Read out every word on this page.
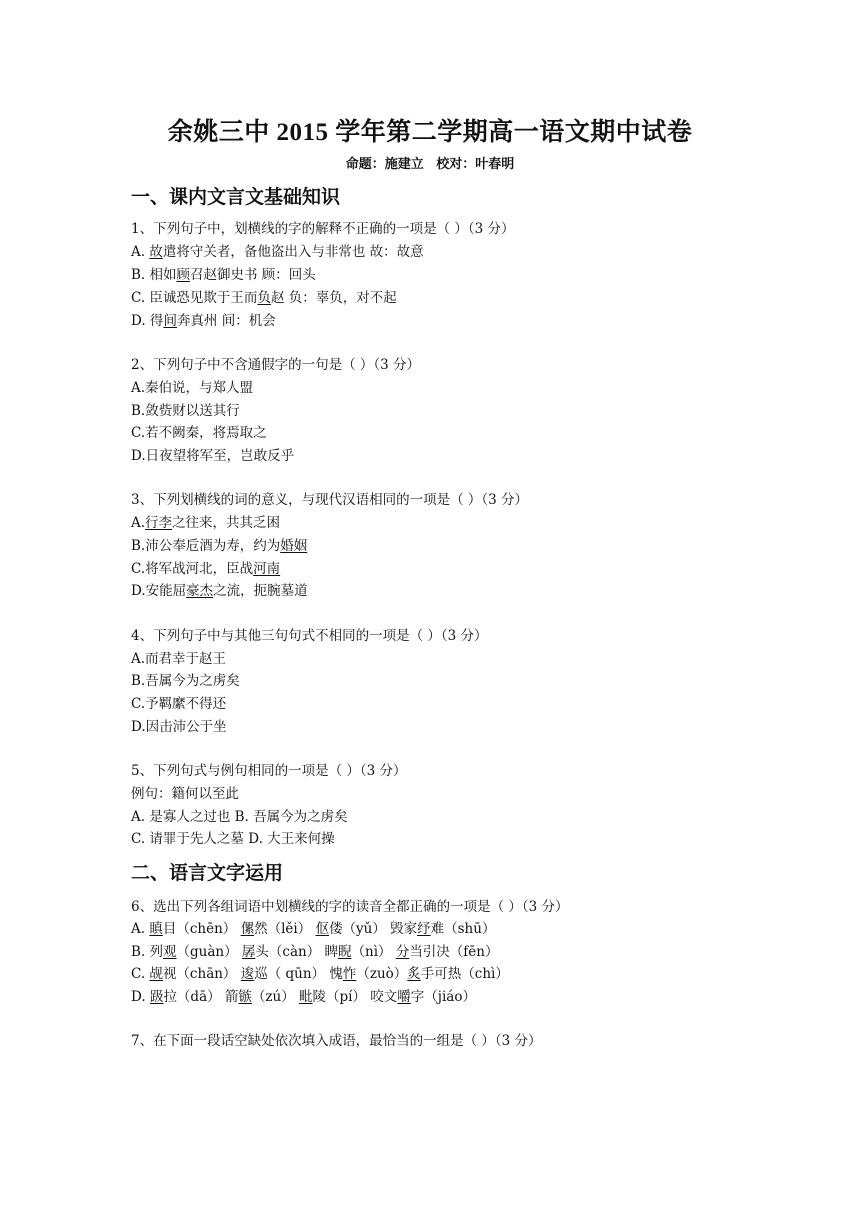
余姚三中 2015 学年第二学期高一语文期中试卷
命题：施建立 校对：叶春明
一、课内文言文基础知识
1、下列句子中，划横线的字的解释不正确的一项是（ ）（3 分）
A. 故遣将守关者，备他盗出入与非常也 故：故意
B. 相如顾召赵御史书 顾：回头
C. 臣诚恐见欺于王而负赵 负：辜负，对不起
D. 得间奔真州 间：机会
2、下列句子中不含通假字的一句是（ ）（3 分）
A.秦伯说，与郑人盟
B.敛赀财以送其行
C.若不阙秦，将焉取之
D.日夜望将军至，岂敢反乎
3、下列划横线的词的意义，与现代汉语相同的一项是（ ）（3 分）
A.行李之往来，共其乏困
B.沛公奉卮酒为寿，约为婚姻
C.将军战河北，臣战河南
D.安能屈豪杰之流，扼腕墓道
4、下列句子中与其他三句句式不相同的一项是（ ）（3 分）
A.而君幸于赵王
B.吾属今为之虏矣
C.予羁縻不得还
D.因击沛公于坐
5、下列句式与例句相同的一项是（ ）（3 分）
例句：籍何以至此
A. 是寡人之过也 B. 吾属今为之虏矣
C. 请罪于先人之墓 D. 大王来何操
二、语言文字运用
6、选出下列各组词语中划横线的字的读音全都正确的一项是（ ）（3 分）
A. 瞋目（chēn） 傫然（lěi） 伛偻（yǔ） 毁家纾难（shū）
B. 列观（guàn） 孱头（càn） 睥睨（nì） 分当引决（fēn）
C. 觇视（chān） 逡巡（ qūn） 愧怍（zuò）炙手可热（chì）
D. 趿拉（dā） 箭镞（zú） 毗陵（pí） 咬文嚼字（jiáo）
7、在下面一段话空缺处依次填入成语，最恰当的一组是（ ）（3 分）
